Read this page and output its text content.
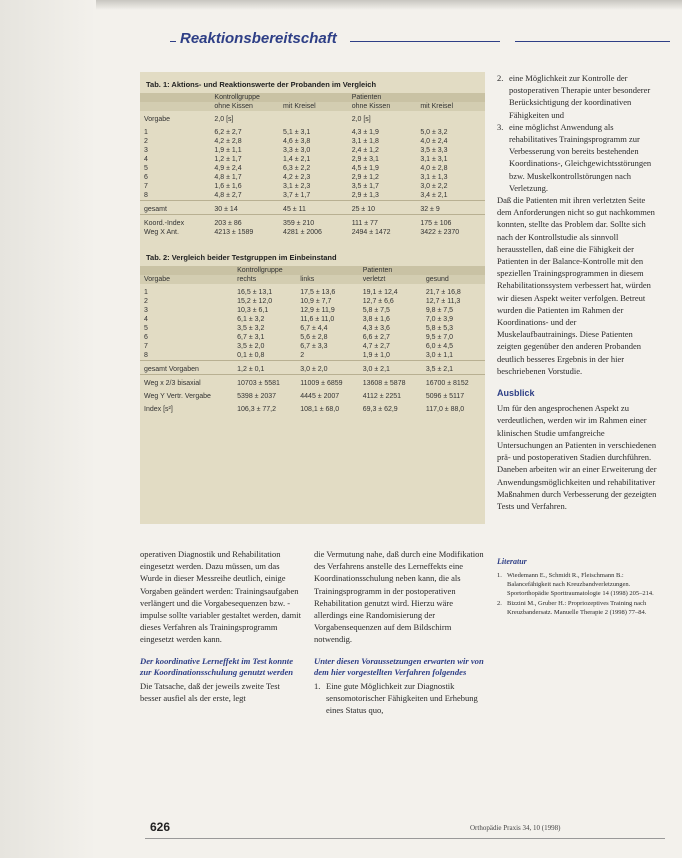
Reaktionsbereitschaft
Tab. 1: Aktions- und Reaktionswerte der Probanden im Vergleich
	Kontrollgruppe		Patienten	
	ohne Kissen	mit Kreisel	ohne Kissen	mit Kreisel
Vorgabe	2,0 [s]		2,0 [s]	
1	6,2 ± 2,7	5,1 ± 3,1	4,3 ± 1,9	5,0 ± 3,2
2	4,2 ± 2,8	4,6 ± 3,8	3,1 ± 1,8	4,0 ± 2,4
3	1,9 ± 1,1	3,3 ± 3,0	2,4 ± 1,2	3,5 ± 3,3
4	1,2 ± 1,7	1,4 ± 2,1	2,9 ± 3,1	3,1 ± 3,1
5	4,9 ± 2,4	6,3 ± 2,2	4,5 ± 1,9	4,0 ± 2,8
6	4,8 ± 1,7	4,2 ± 2,3	2,9 ± 1,2	3,1 ± 1,3
7	1,6 ± 1,6	3,1 ± 2,3	3,5 ± 1,7	3,0 ± 2,2
8	4,8 ± 2,7	3,7 ± 1,7	2,9 ± 1,3	3,4 ± 2,1
gesamt	30 ± 14	45 ± 11	25 ± 10	32 ± 9
Koord.-Index	203 ± 86	359 ± 210	111 ± 77	175 ± 106
Weg X Ant.	4213 ± 1589	4281 ± 2006	2494 ± 1472	3422 ± 2370
Tab. 2: Vergleich beider Testgruppen im Einbeinstand
	Kontrollgruppe		Patienten	
Vorgabe	rechts	links	verletzt	gesund
1	16,5 ± 13,1	17,5 ± 13,6	19,1 ± 12,4	21,7 ± 16,8
2	15,2 ± 12,0	10,9 ± 7,7	12,7 ± 6,6	12,7 ± 11,3
3	10,3 ± 6,1	12,9 ± 11,9	5,8 ± 7,5	9,8 ± 7,5
4	6,1 ± 3,2	11,6 ± 11,0	3,8 ± 1,6	7,0 ± 3,9
5	3,5 ± 3,2	6,7 ± 4,4	4,3 ± 3,6	5,8 ± 5,3
6	6,7 ± 3,1	5,6 ± 2,8	6,6 ± 2,7	9,5 ± 7,0
7	3,5 ± 2,0	6,7 ± 3,3	4,7 ± 2,7	6,0 ± 4,5
8	0,1 ± 0,8	2	1,9 ± 1,0	3,0 ± 1,1
gesamt Vorgaben	1,2 ± 0,1	3,0 ± 2,0	3,0 ± 2,1	3,5 ± 2,1
Weg x 2/3 bisaxial	10703 ± 5581	11009 ± 6859	13608 ± 5878	16700 ± 8152
Weg Y Vertr. Vergabe	5398 ± 2037	4445 ± 2007	4112 ± 2251	5096 ± 5117
Index [s²]	106,3 ± 77,2	108,1 ± 68,0	69,3 ± 62,9	117,0 ± 88,0

operativen Diagnostik und Rehabilitation eingesetzt werden. Dazu müssen, um das Wurde in dieser Messreihe deutlich, einige Vorgaben geändert werden: Trainingsaufgaben verlängert und die Vorgabesequenzen bzw. -impulse sollte variabler gestaltet werden, damit dieses Verfahren als Trainingsprogramm eingesetzt werden kann.

Der koordinative Lerneffekt im Test konnte zur Koordinationsschulung genutzt werden

Die Tatsache, daß der jeweils zweite Test besser ausfiel als der erste, legt

die Vermutung nahe, daß durch eine Modifikation des Verfahrens anstelle des Lerneffekts eine Koordinationsschulung neben kann, die als Trainingsprogramm in der postoperativen Rehabilitation genutzt wird. Hierzu wäre allerdings eine Randomisierung der Vorgabensequenzen auf dem Bildschirm notwendig.

Unter diesen Voraussetzungen erwarten wir von dem hier vorgestellten Verfahren folgendes

1. Eine gute Möglichkeit zur Diagnostik sensomotorischer Fähigkeiten und Erhebung eines Status quo,
2. eine Möglichkeit zur Kontrolle der postoperativen Therapie unter besonderer Berücksichtigung der koordinativen Fähigkeiten und
3. eine möglichst Anwendung als rehabilitatives Trainingsprogramm zur Verbesserung von bereits bestehenden Koordinations-, Gleichgewichtsstörungen bzw. Muskelkontrollstörungen nach Verletzung.

Daß die Patienten mit ihren verletzten Seite dem Anforderungen nicht so gut nachkommen konnten, stellte das Problem dar. Sollte sich nach der Kontrollstudie als sinnvoll herausstellen, daß eine die Fähigkeit der Patienten in der Balance-Kontrolle mit den speziellen Trainingsprogrammen in diesem Rehabilitationssystem verbessert hat, würden wir diesen Aspekt weiter verfolgen. Betreut wurden die Patienten im Rahmen der Koordinations- und der Muskelaufbautrainings. Diese Patienten zeigten gegenüber den anderen Probanden deutlich besseres Ergebnis in der hier beschriebenen Vorstudie.

Ausblick

Um für den angesprochenen Aspekt zu verdeutlichen, werden wir im Rahmen einer klinischen Studie umfangreiche Untersuchungen an Patienten in verschiedenen prä- und postoperativen Stadien durchführen. Daneben arbeiten wir an einer Erweiterung der Anwendungsmöglichkeiten und rehabilitativer Maßnahmen durch Verbesserung der gezeigten Tests und Verfahren.

Literatur
1. Wiedemann E., Schmidt R., Fleischmann B.: Balancefähigkeit nach Kreuzbandverletzungen. Sportorthopädie Sporttraumatologie 14 (1998) 205–214.
2. Bizzini M., Gruber H.: Propriozeptives Training nach Kreuzbandersatz. Manuelle Therapie 2 (1998) 77–84.
626	Orthopädie Praxis 34, 10 (1998)
